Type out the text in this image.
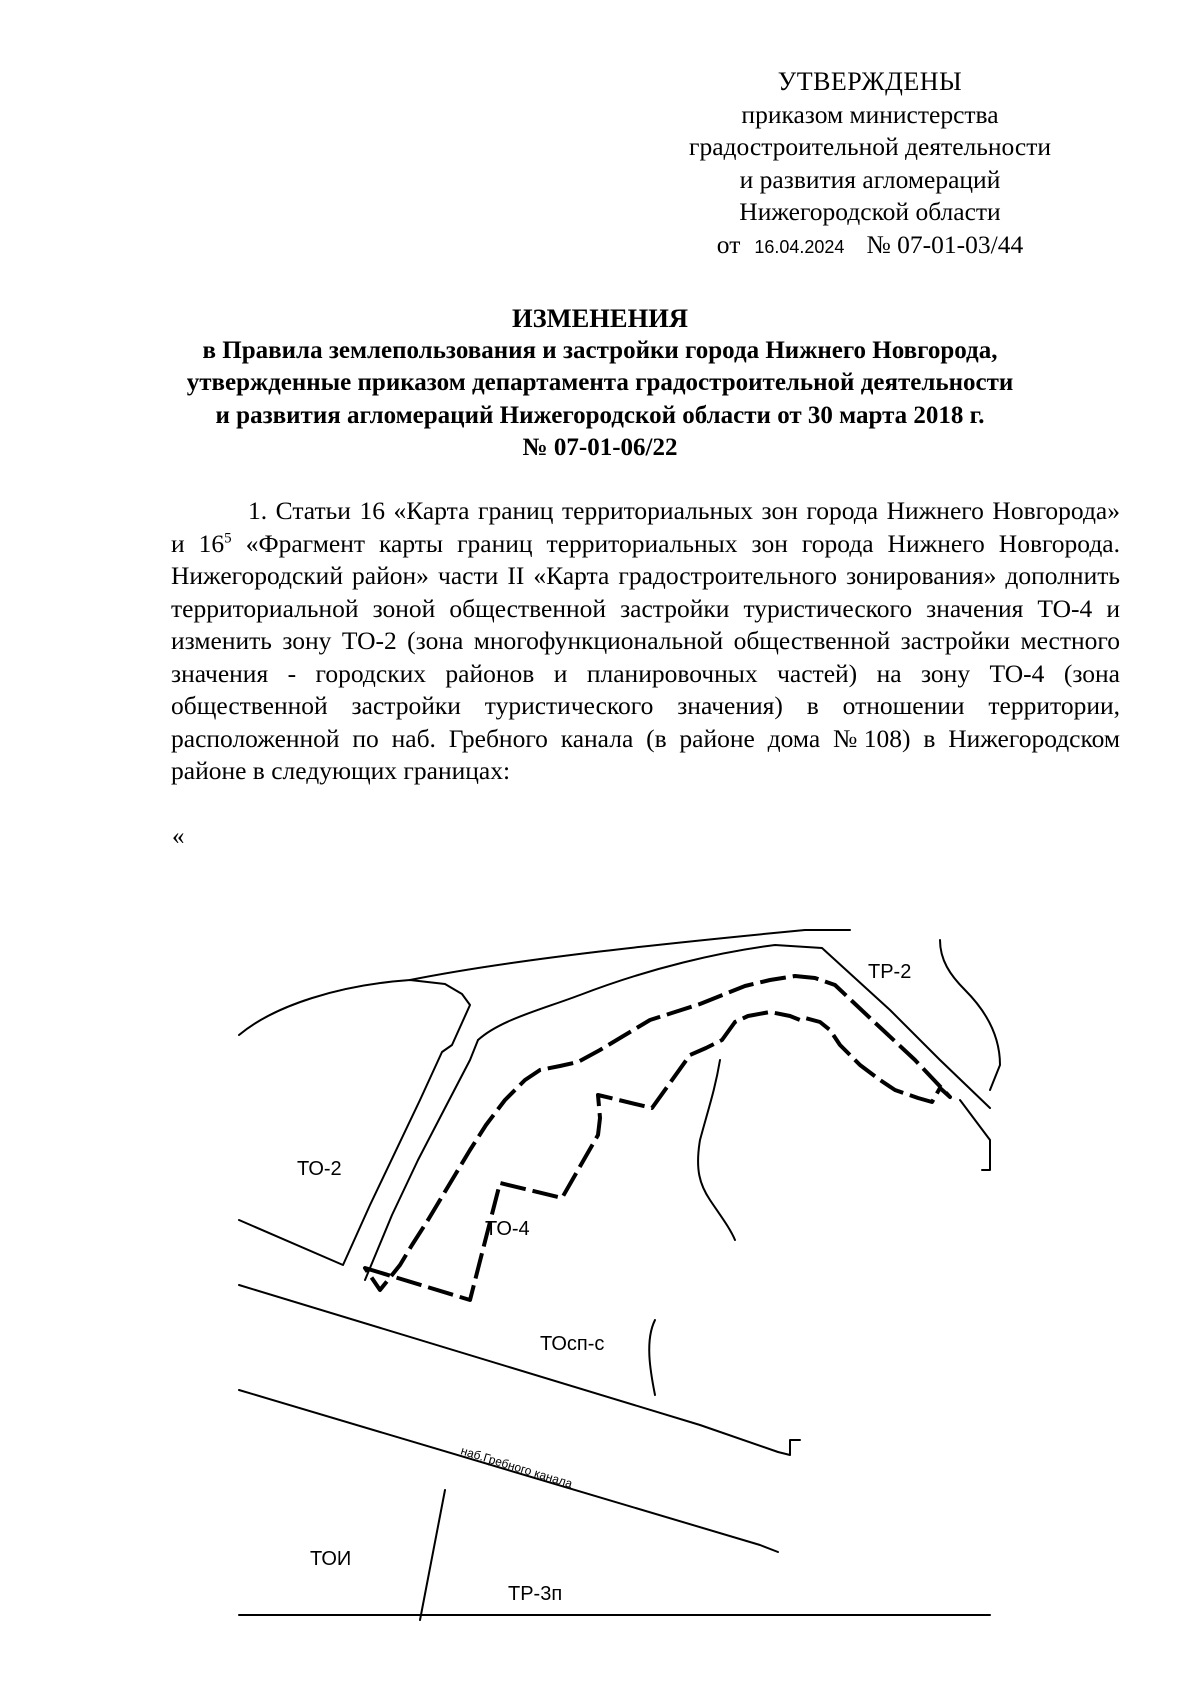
УТВЕРЖДЕНЫ
приказом министерства
градостроительной деятельности
и развития агломераций
Нижегородской области
от 16.04.2024 № 07-01-03/44
ИЗМЕНЕНИЯ
в Правила землепользования и застройки города Нижнего Новгорода,
утвержденные приказом департамента градостроительной деятельности
и развития агломераций Нижегородской области от 30 марта 2018 г.
№ 07-01-06/22

1. Статьи 16 «Карта границ территориальных зон города Нижнего Новгорода» и $16^5$ «Фрагмент карты границ территориальных зон города Нижнего Новгорода. Нижегородский район» части II «Карта градостроительного зонирования» дополнить территориальной зоной общественной застройки туристического значения ТО-4 и изменить зону ТО-2 (зона многофункциональной общественной застройки местного значения - городских районов и планировочных частей) на зону ТО-4 (зона общественной застройки туристического значения) в отношении территории, расположенной по наб. Гребного канала (в районе дома №108) в Нижегородском районе в следующих границах:

«
ТР-2
ТО-2
ТО-4
ТОсп-с
ТОИ
ТР-3п
наб.Гребного канала
